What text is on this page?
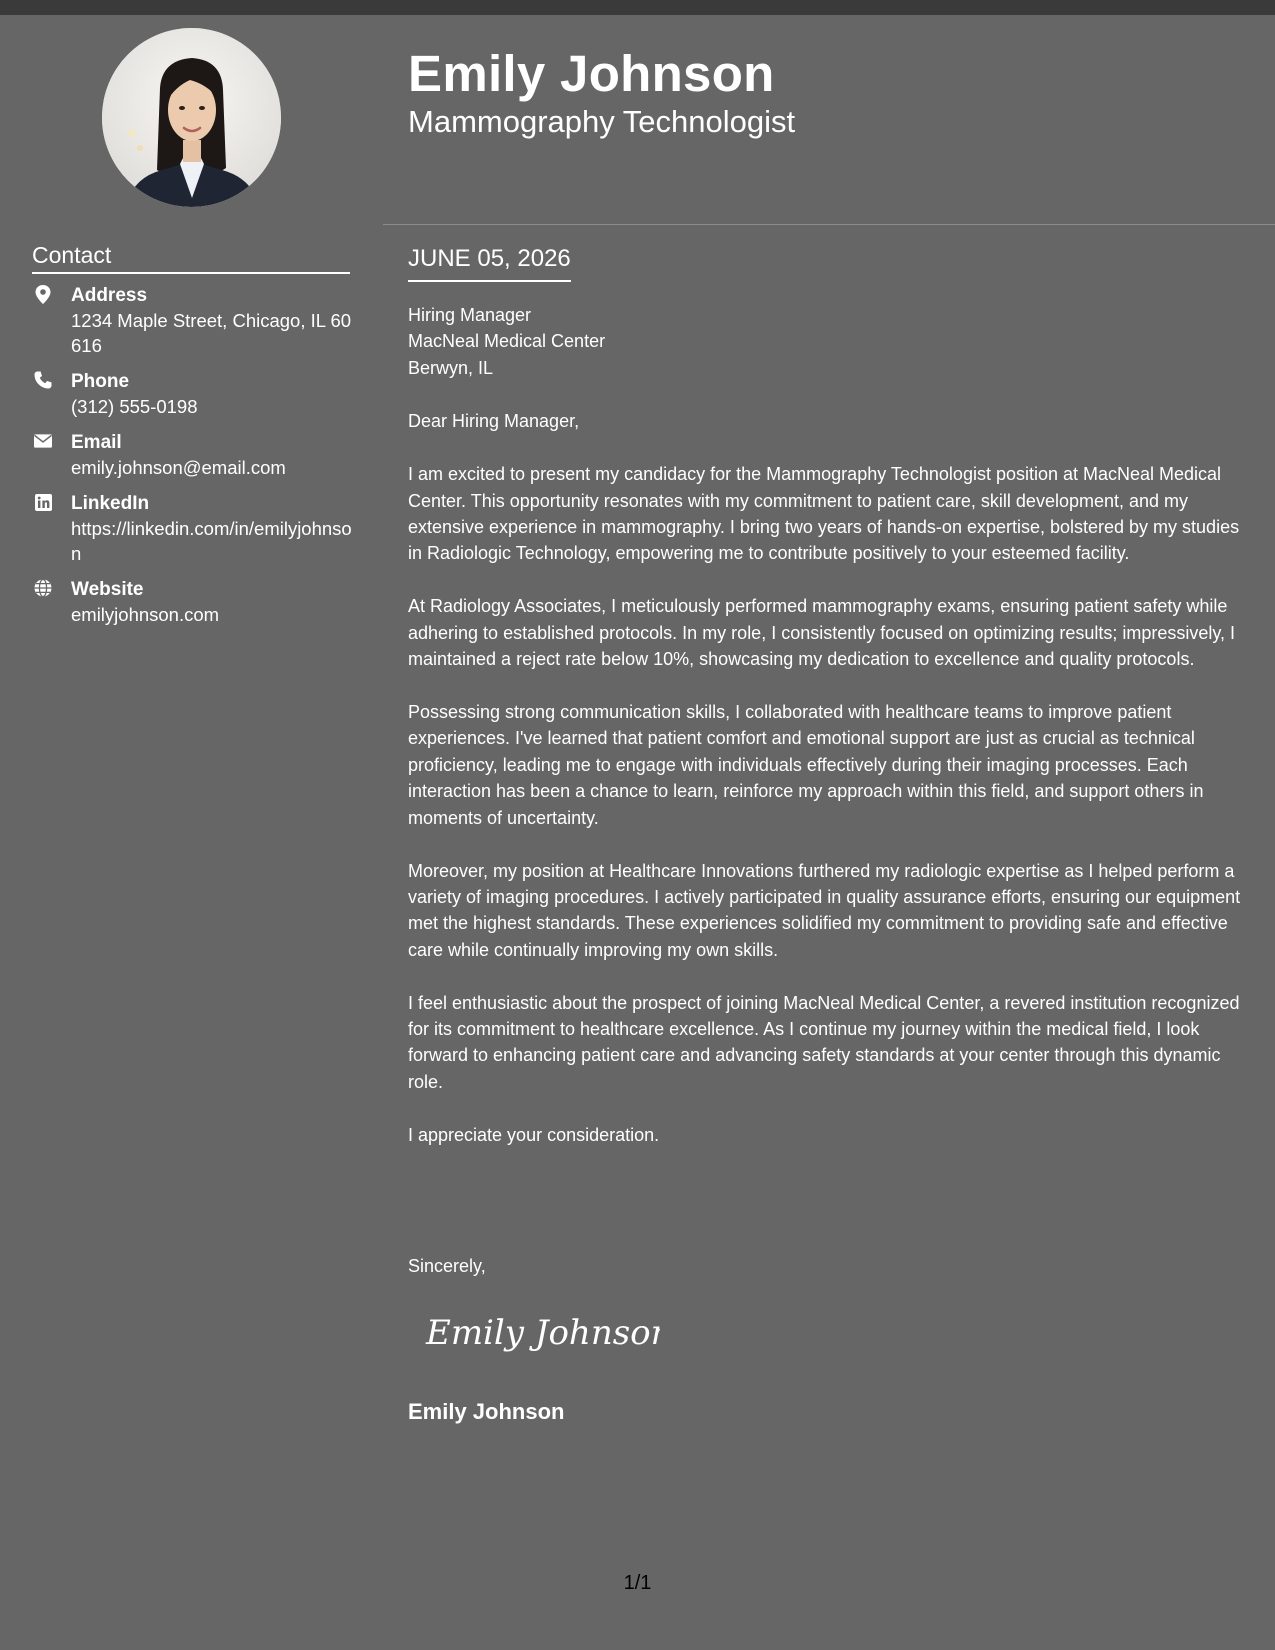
Contact
Address
1234 Maple Street, Chicago, IL 60616
Phone
(312) 555-0198
Email
emily.johnson@email.com
LinkedIn
https://linkedin.com/in/emilyjohnson
Website
emilyjohnson.com
Emily Johnson
Mammography Technologist
JUNE 05, 2026
Hiring Manager
MacNeal Medical Center
Berwyn, IL

Dear Hiring Manager,

I am excited to present my candidacy for the Mammography Technologist position at MacNeal Medical Center. This opportunity resonates with my commitment to patient care, skill development, and my extensive experience in mammography. I bring two years of hands-on expertise, bolstered by my studies in Radiologic Technology, empowering me to contribute positively to your esteemed facility.

At Radiology Associates, I meticulously performed mammography exams, ensuring patient safety while adhering to established protocols. In my role, I consistently focused on optimizing results; impressively, I maintained a reject rate below 10%, showcasing my dedication to excellence and quality protocols.

Possessing strong communication skills, I collaborated with healthcare teams to improve patient experiences. I've learned that patient comfort and emotional support are just as crucial as technical proficiency, leading me to engage with individuals effectively during their imaging processes. Each interaction has been a chance to learn, reinforce my approach within this field, and support others in moments of uncertainty.

Moreover, my position at Healthcare Innovations furthered my radiologic expertise as I helped perform a variety of imaging procedures. I actively participated in quality assurance efforts, ensuring our equipment met the highest standards. These experiences solidified my commitment to providing safe and effective care while continually improving my own skills.

I feel enthusiastic about the prospect of joining MacNeal Medical Center, a revered institution recognized for its commitment to healthcare excellence. As I continue my journey within the medical field, I look forward to enhancing patient care and advancing safety standards at your center through this dynamic role.

I appreciate your consideration.

Sincerely,
Emily Johnson
Emily Johnson
1/1
